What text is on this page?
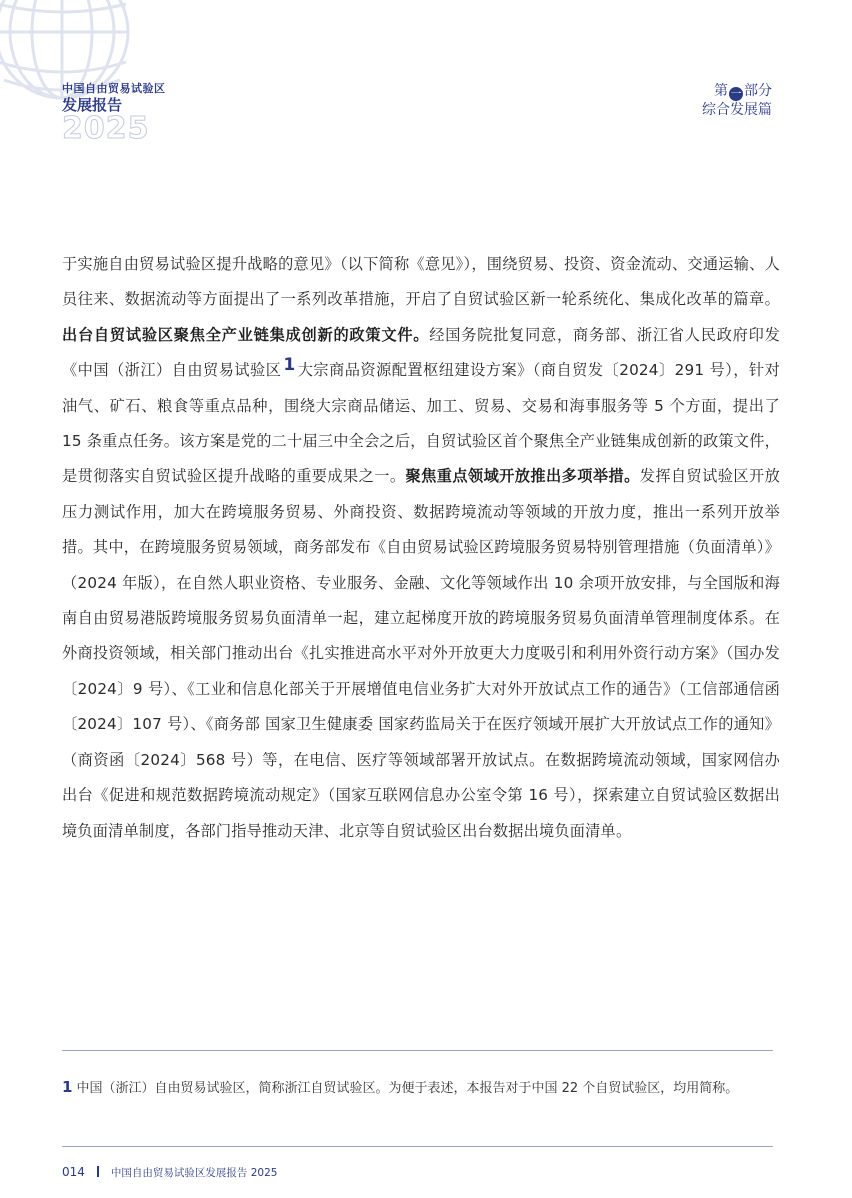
中国自由贸易试验区
发展报告
2025
第 一 部分
综合发展篇
于实施自由贸易试验区提升战略的意见》（以下简称《意见》），围绕贸易、投资、资金流动、交通运输、人员往来、数据流动等方面提出了一系列改革措施，开启了自贸试验区新一轮系统化、集成化改革的篇章。出台自贸试验区聚焦全产业链集成创新的政策文件。经国务院批复同意，商务部、浙江省人民政府印发《中国（浙江）自由贸易试验区 1 大宗商品资源配置枢纽建设方案》（商自贸发〔2024〕291 号），针对油气、矿石、粮食等重点品种，围绕大宗商品储运、加工、贸易、交易和海事服务等 5 个方面，提出了 15 条重点任务。该方案是党的二十届三中全会之后，自贸试验区首个聚焦全产业链集成创新的政策文件，是贯彻落实自贸试验区提升战略的重要成果之一。聚焦重点领域开放推出多项举措。发挥自贸试验区开放压力测试作用，加大在跨境服务贸易、外商投资、数据跨境流动等领域的开放力度，推出一系列开放举措。其中，在跨境服务贸易领域，商务部发布《自由贸易试验区跨境服务贸易特别管理措施（负面清单）》（2024 年版），在自然人职业资格、专业服务、金融、文化等领域作出 10 余项开放安排，与全国版和海南自由贸易港版跨境服务贸易负面清单一起，建立起梯度开放的跨境服务贸易负面清单管理制度体系。在外商投资领域，相关部门推动出台《扎实推进高水平对外开放更大力度吸引和利用外资行动方案》（国办发〔2024〕9 号）、《工业和信息化部关于开展增值电信业务扩大对外开放试点工作的通告》（工信部通信函〔2024〕107 号）、《商务部 国家卫生健康委 国家药监局关于在医疗领域开展扩大开放试点工作的通知》（商资函〔2024〕568 号）等，在电信、医疗等领域部署开放试点。在数据跨境流动领域，国家网信办出台《促进和规范数据跨境流动规定》（国家互联网信息办公室令第 16 号），探索建立自贸试验区数据出境负面清单制度，各部门指导推动天津、北京等自贸试验区出台数据出境负面清单。
1 中国（浙江）自由贸易试验区，简称浙江自贸试验区。为便于表述，本报告对于中国 22 个自贸试验区，均用简称。
014 中国自由贸易试验区发展报告 2025
